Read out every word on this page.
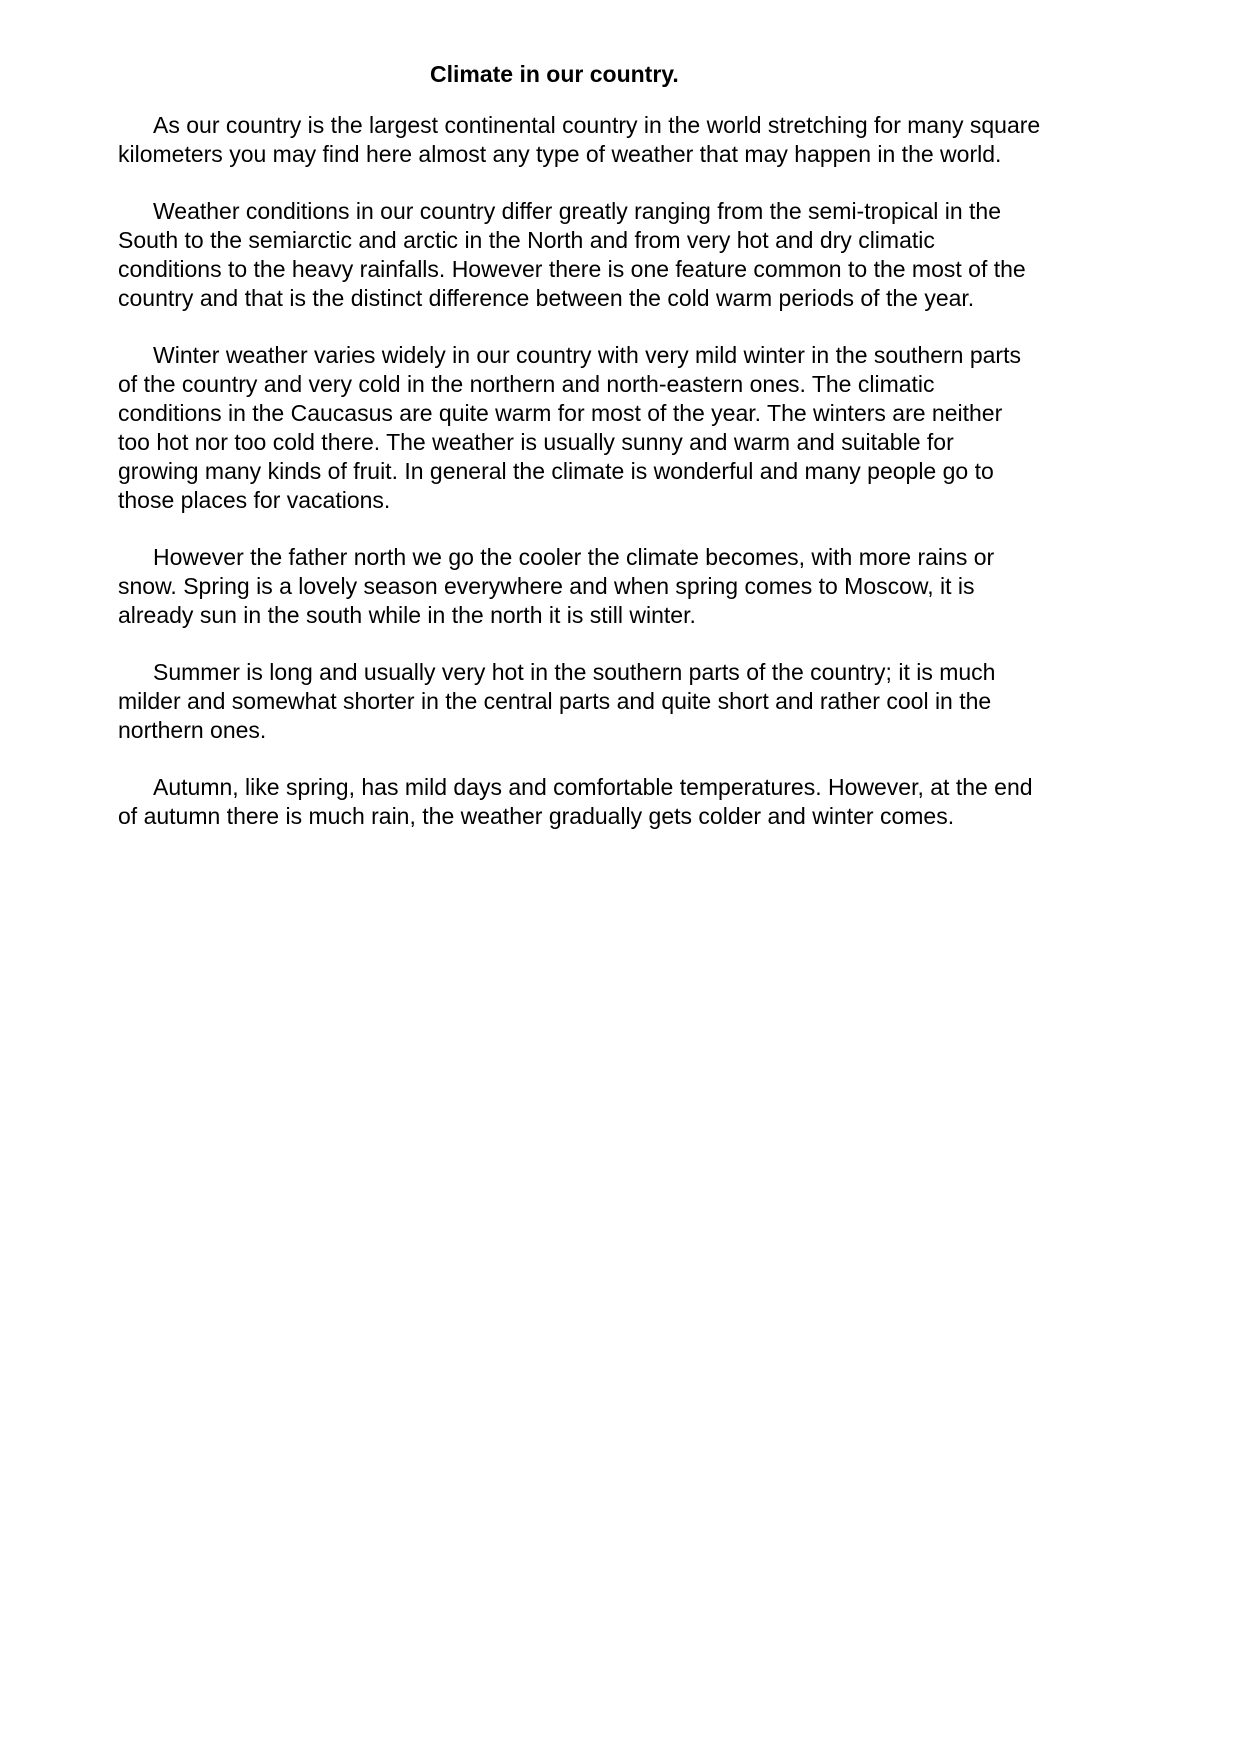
Climate in our country.
As our country is the largest continental country in the world stretching for many square
kilometers you may find here almost any type of weather that may happen in the world.
Weather conditions in our country differ greatly ranging from the semi-tropical in the
South to the semiarctic and arctic in the North and from very hot and dry climatic
conditions to the heavy rainfalls. However there is one feature common to the most of the
country and that is the distinct difference between the cold warm periods of the year.
Winter weather varies widely in our country with very mild winter in the southern parts
of the country and very cold in the northern and north-eastern ones. The climatic
conditions in the Caucasus are quite warm for most of the year. The winters are neither
too hot nor too cold there. The weather is usually sunny and warm and suitable for
growing many kinds of fruit. In general the climate is wonderful and many people go to
those places for vacations.
However the father north we go the cooler the climate becomes, with more rains or
snow. Spring is a lovely season everywhere and when spring comes to Moscow, it is
already sun in the south while in the north it is still winter.
Summer is long and usually very hot in the southern parts of the country; it is much
milder and somewhat shorter in the central parts and quite short and rather cool in the
northern ones.
Autumn, like spring, has mild days and comfortable temperatures. However, at the end
of autumn there is much rain, the weather gradually gets colder and winter comes.
